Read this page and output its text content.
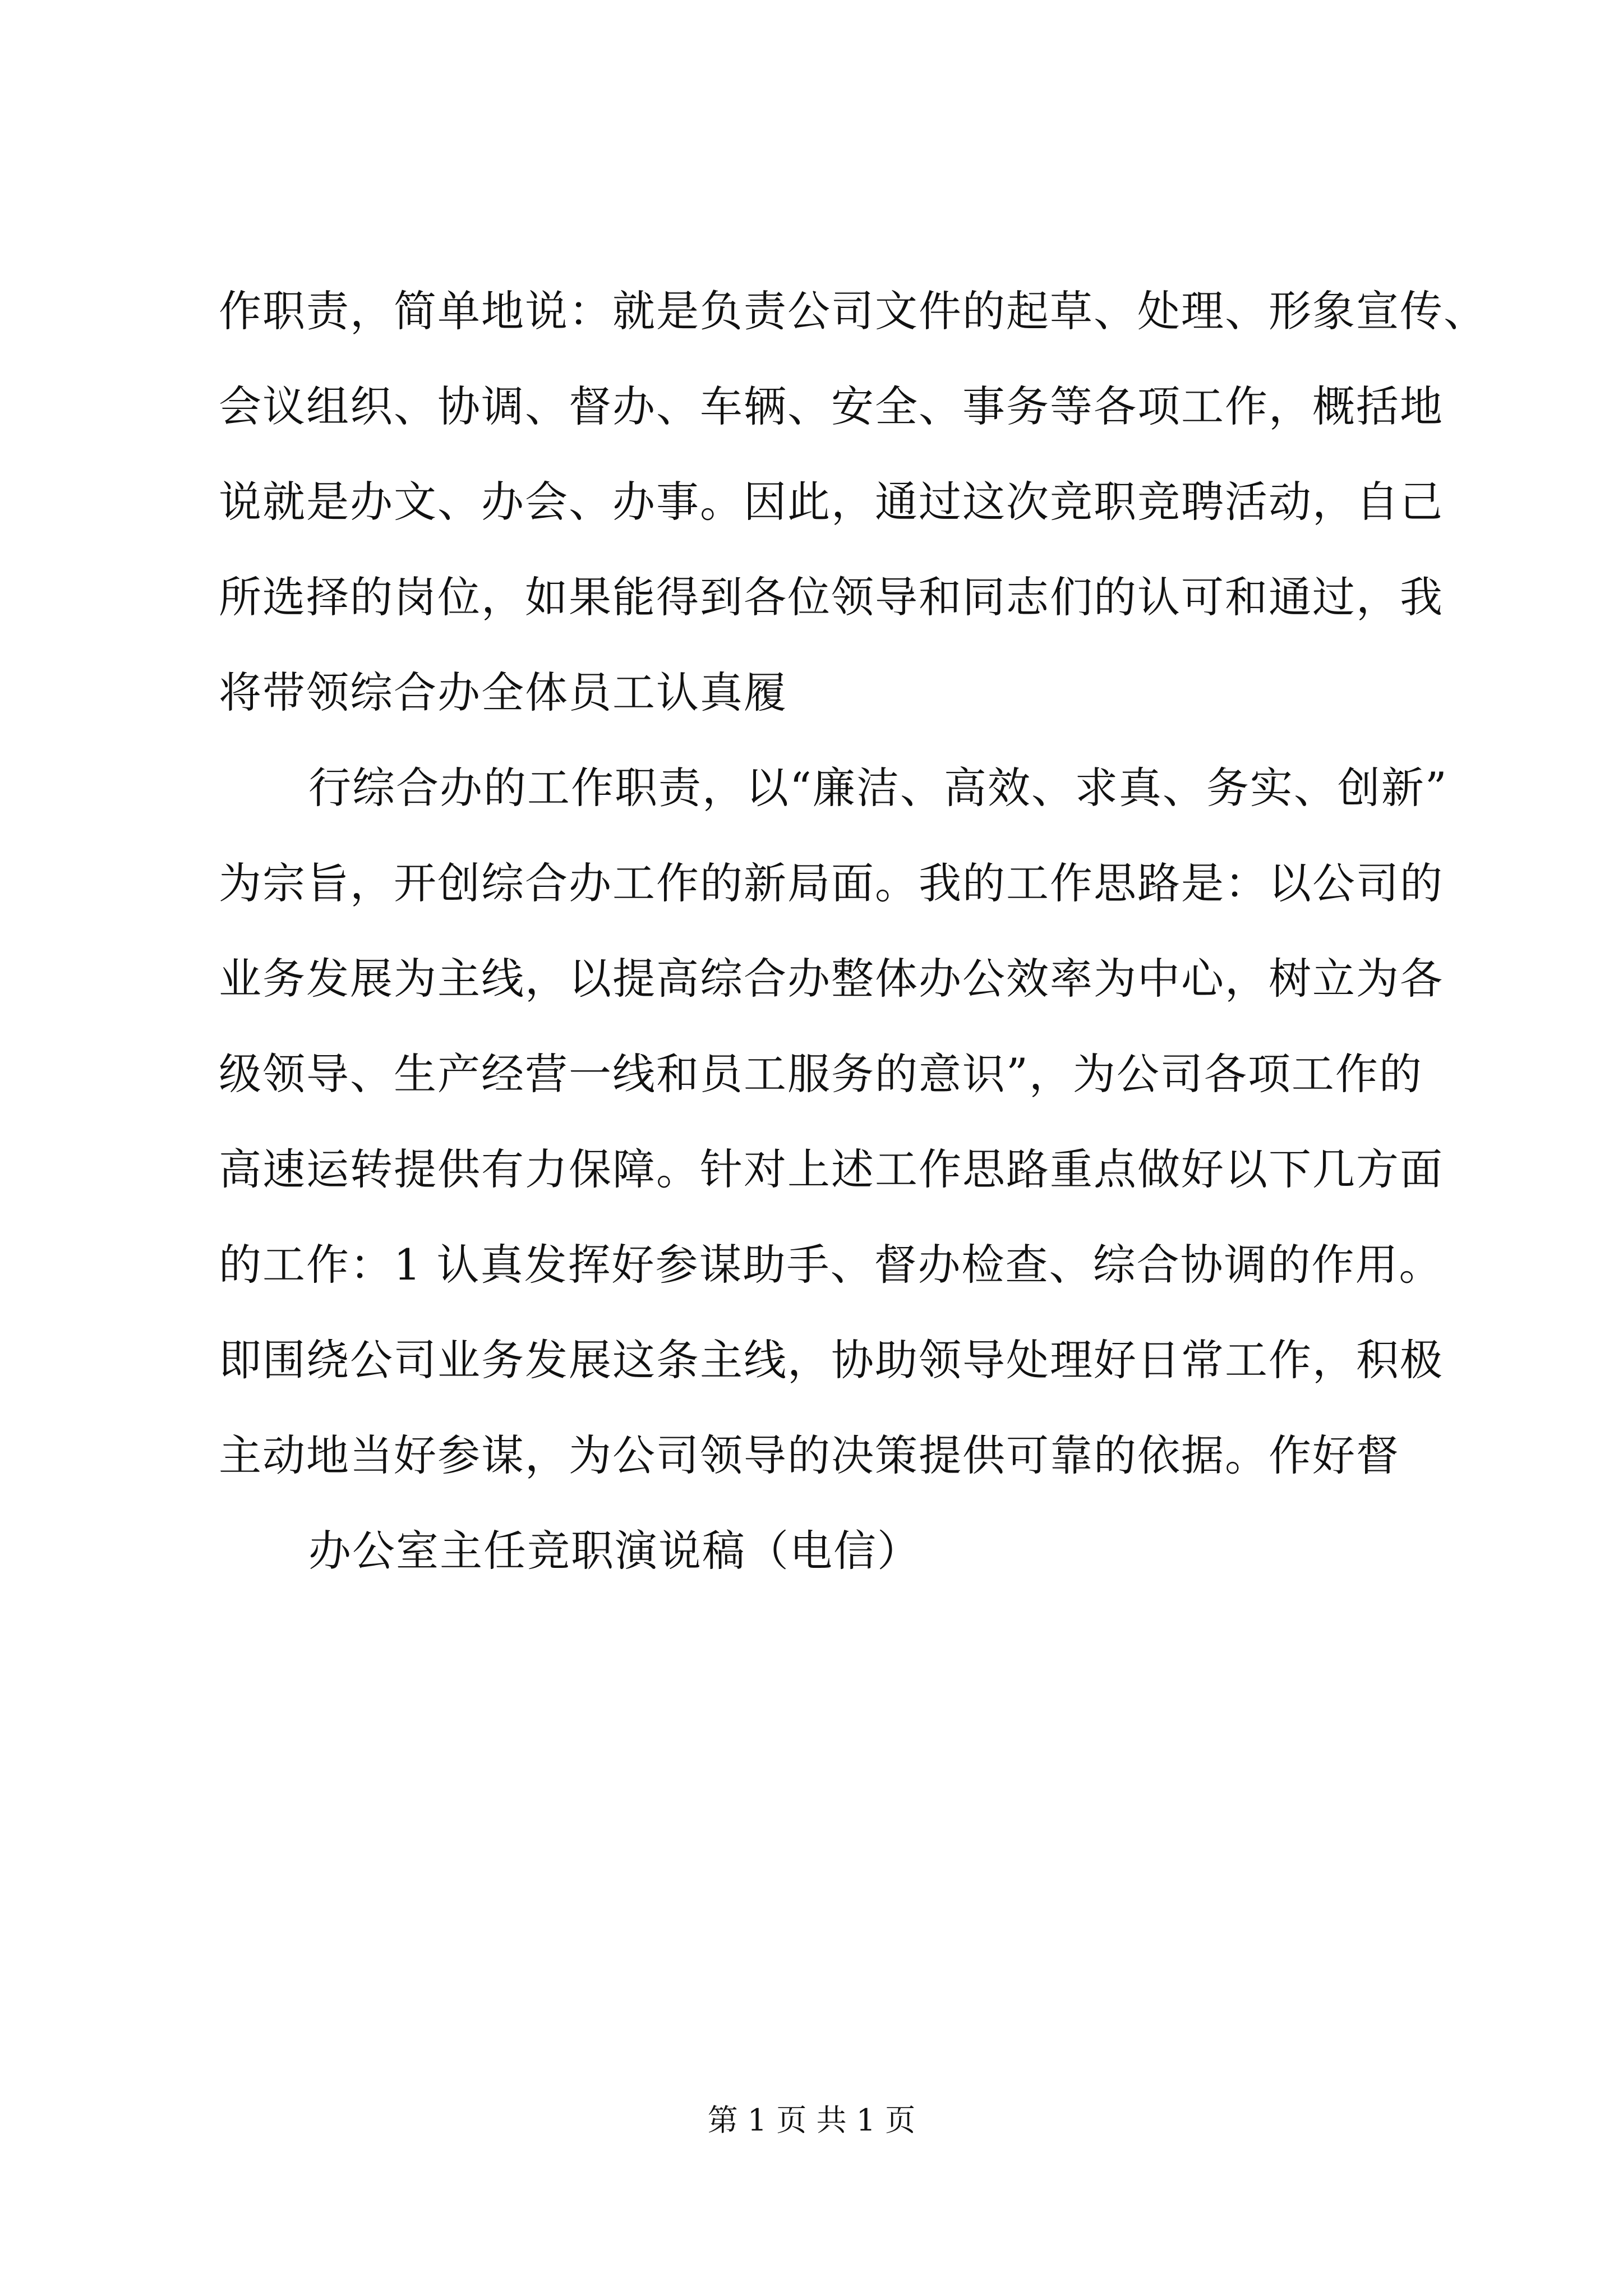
作职责，简单地说：就是负责公司文件的起草、处理、形象宣传、
会议组织、协调、督办、车辆、安全、事务等各项工作，概括地
说就是办文、办会、办事。因此，通过这次竞职竞聘活动，自己
所选择的岗位，如果能得到各位领导和同志们的认可和通过，我
将带领综合办全体员工认真履
行综合办的工作职责，以“廉洁、高效、求真、务实、创新”
为宗旨，开创综合办工作的新局面。我的工作思路是：以公司的
业务发展为主线，以提高综合办整体办公效率为中心，树立为各
级领导、生产经营一线和员工服务的意识”，为公司各项工作的
高速运转提供有力保障。针对上述工作思路重点做好以下几方面
的工作：1 认真发挥好参谋助手、督办检查、综合协调的作用。
即围绕公司业务发展这条主线，协助领导处理好日常工作，积极
主动地当好参谋，为公司领导的决策提供可靠的依据。作好督
办公室主任竞职演说稿（电信）
第 1 页 共 1 页
